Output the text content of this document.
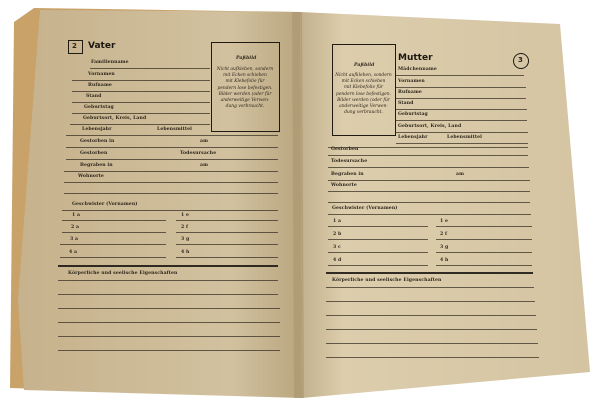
2 Vater
Paßbild
Nicht aufkleben, sondern
mit Ecken schieben
mit Klebefolie für
pendern lose befestigen.
Bilder werden (oder für
anderweitige Verwen-
dung verbraucht.
Familienname
Vornamen
Rufname
Stand
Geburtstag
Geburtsort, Kreis, Land
Lebensjahr	Lebensmittel
Gestorben in	am
Gestorben	Todesursache
Begraben in	am
Wohnorte
Geschwister (Vornamen)
1 a	1 e
2 a	2 f
3 a	3 g
4 a	4 h
Körperliche und seelische Eigenschaften
3
Paßbild
Nicht aufkleben, sondern
mit Ecken schieben
mit Klebefolie für
pendern lose befestigen.
Bilder werden (oder für
anderweitige Verwen-
dung verbraucht.
Mutter
Mädchenname
Vornamen
Rufname
Stand
Geburtstag
Geburtsort, Kreis, Land
Lebensjahr	Lebensmittel
Gestorben
Todesursache
Begraben in	am
Wohnorte
Geschwister (Vornamen)
1 a	1 e
2 b	2 f
3 c	3 g
4 d	4 h
Körperliche und seelische Eigenschaften
